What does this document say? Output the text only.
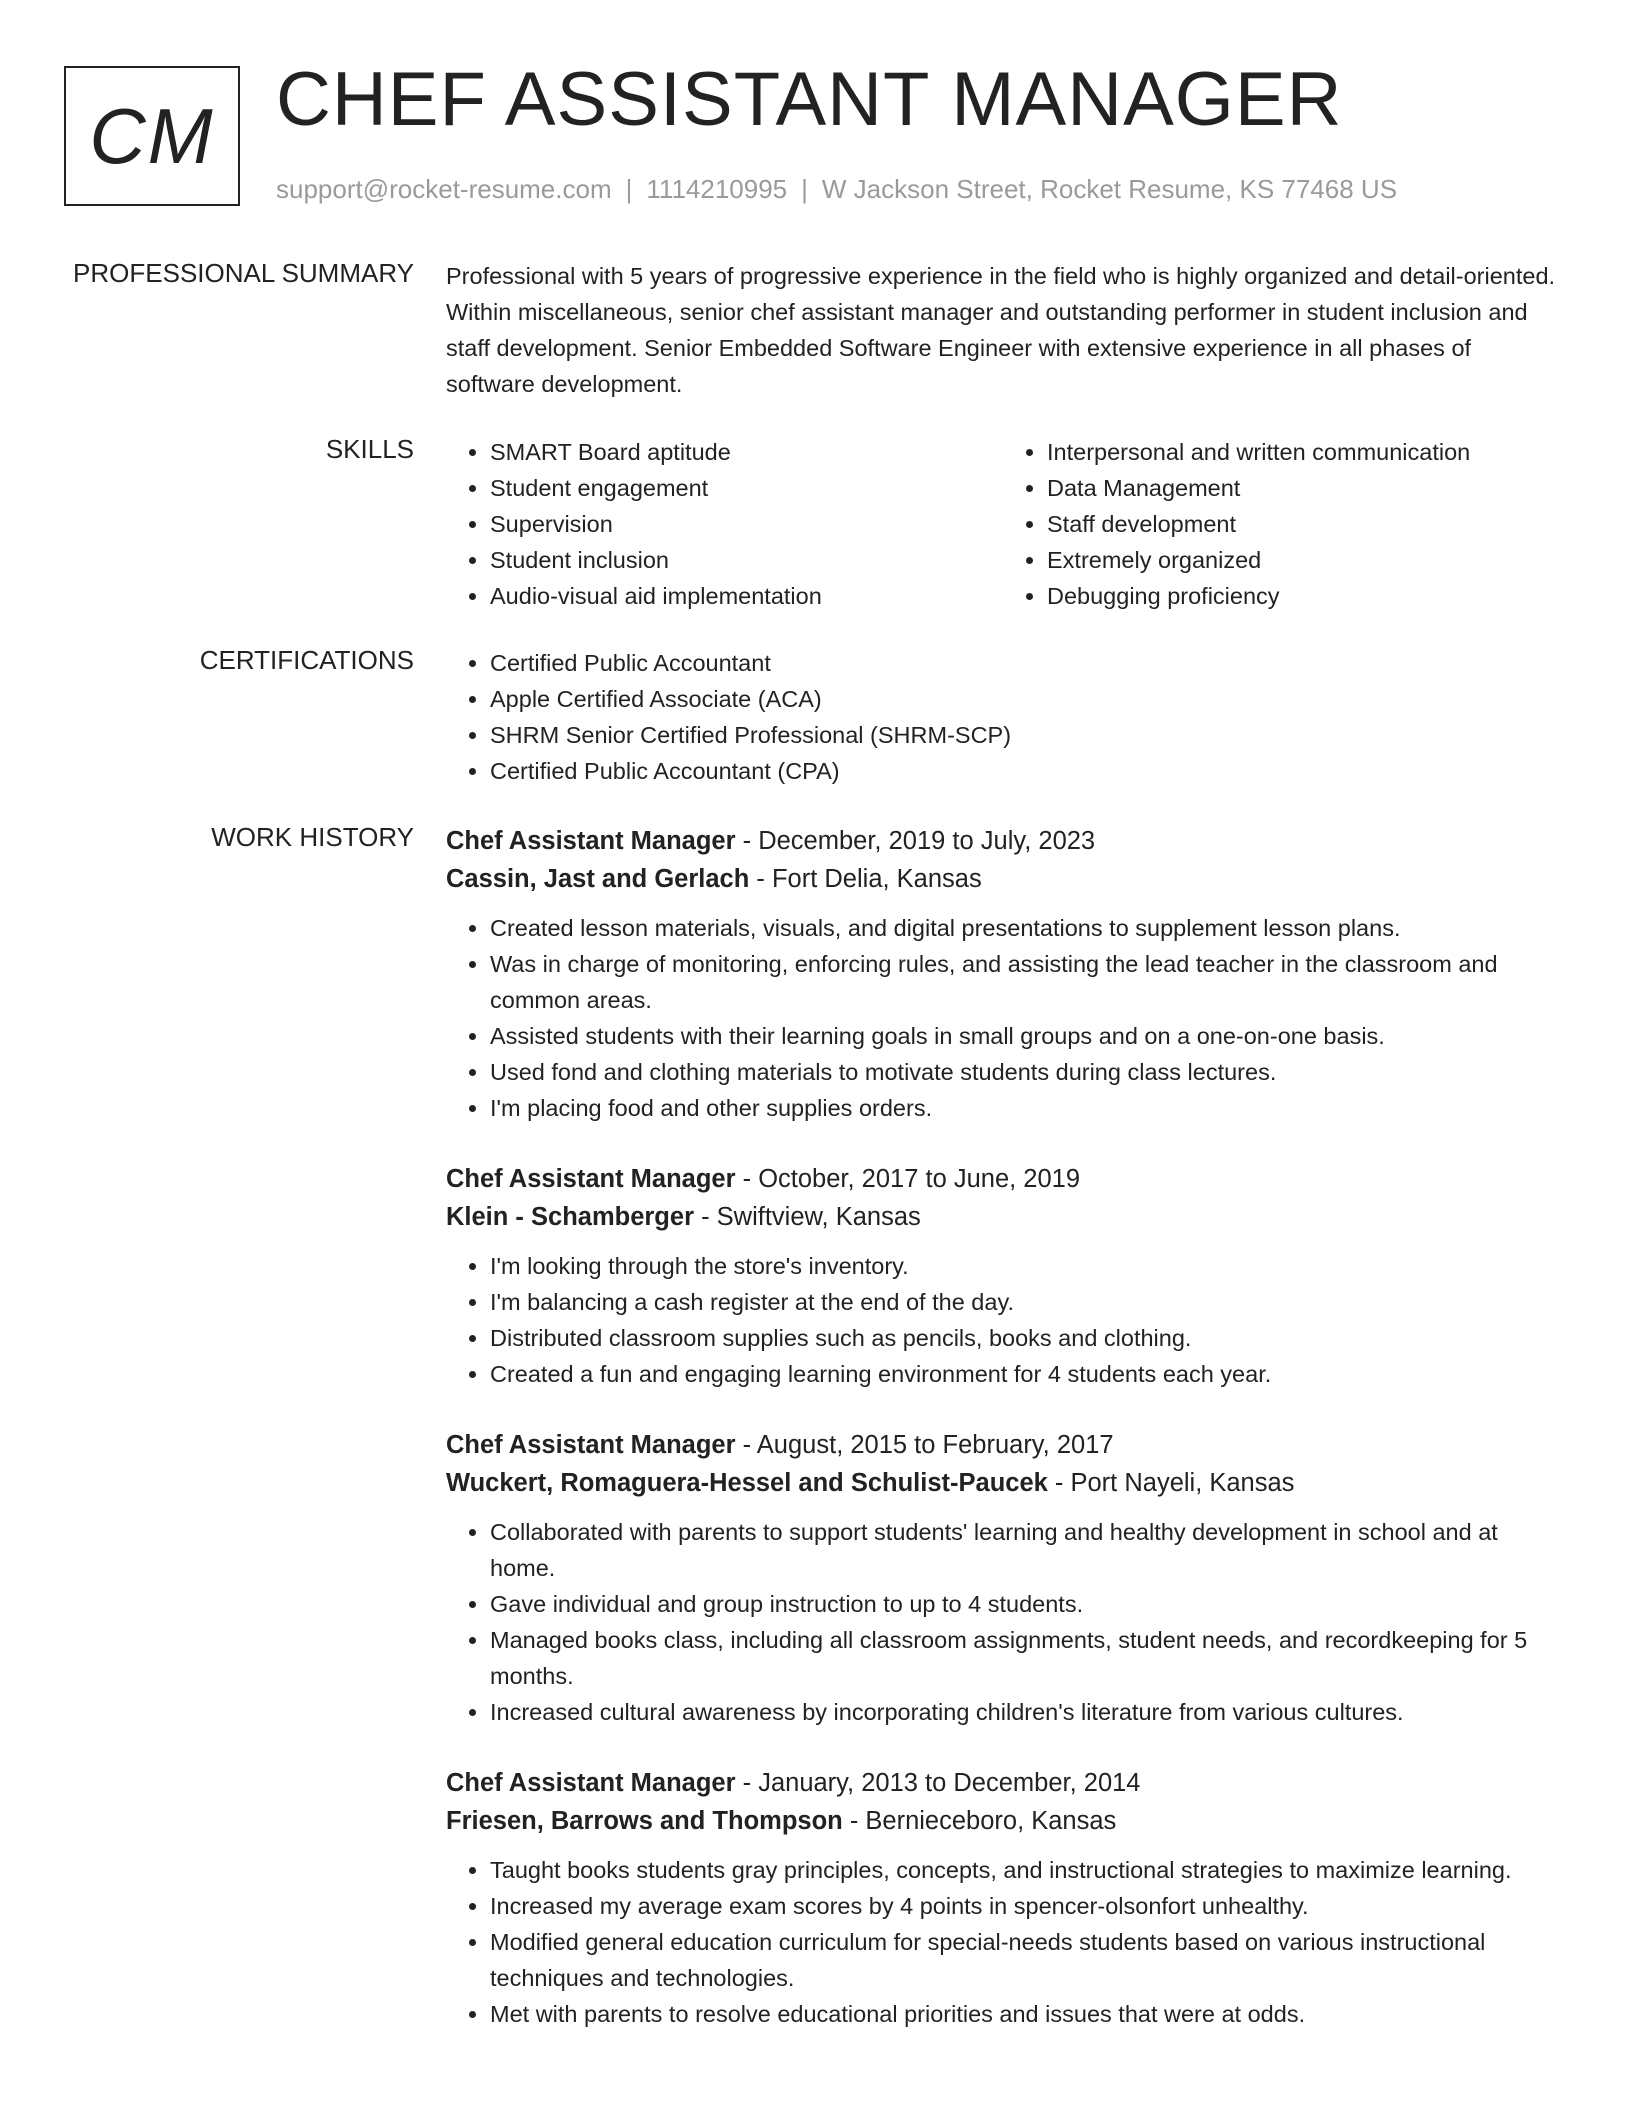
CM CHEF ASSISTANT MANAGER
support@rocket-resume.com | 1114210995 | W Jackson Street, Rocket Resume, KS 77468 US
PROFESSIONAL SUMMARY Professional with 5 years of progressive experience in the field who is highly organized and detail-oriented. Within miscellaneous, senior chef assistant manager and outstanding performer in student inclusion and staff development. Senior Embedded Software Engineer with extensive experience in all phases of software development.

SKILLS	• SMART Board aptitude
• Student engagement
• Supervision
• Student inclusion
• Audio-visual aid implementation
• Interpersonal and written communication
• Data Management
• Staff development
• Extremely organized
• Debugging proficiency
CERTIFICATIONS	• Certified Public Accountant
• Apple Certified Associate (ACA)
• SHRM Senior Certified Professional (SHRM-SCP)
• Certified Public Accountant (CPA)
WORK HISTORY Chef Assistant Manager - December, 2019 to July, 2023
Cassin, Jast and Gerlach - Fort Delia, Kansas
• Created lesson materials, visuals, and digital presentations to supplement lesson plans.
• Was in charge of monitoring, enforcing rules, and assisting the lead teacher in the classroom and common areas.
• Assisted students with their learning goals in small groups and on a one-on-one basis.
• Used fond and clothing materials to motivate students during class lectures.
• I'm placing food and other supplies orders.
Chef Assistant Manager - October, 2017 to June, 2019
Klein - Schamberger - Swiftview, Kansas
• I'm looking through the store's inventory.
• I'm balancing a cash register at the end of the day.
• Distributed classroom supplies such as pencils, books and clothing.
• Created a fun and engaging learning environment for 4 students each year.
Chef Assistant Manager - August, 2015 to February, 2017
Wuckert, Romaguera-Hessel and Schulist-Paucek - Port Nayeli, Kansas
• Collaborated with parents to support students' learning and healthy development in school and at home.
• Gave individual and group instruction to up to 4 students.
• Managed books class, including all classroom assignments, student needs, and recordkeeping for 5 months.
• Increased cultural awareness by incorporating children's literature from various cultures.
Chef Assistant Manager - January, 2013 to December, 2014
Friesen, Barrows and Thompson - Bernieceboro, Kansas
• Taught books students gray principles, concepts, and instructional strategies to maximize learning.
• Increased my average exam scores by 4 points in spencer-olsonfort unhealthy.
• Modified general education curriculum for special-needs students based on various instructional techniques and technologies.
• Met with parents to resolve educational priorities and issues that were at odds.
